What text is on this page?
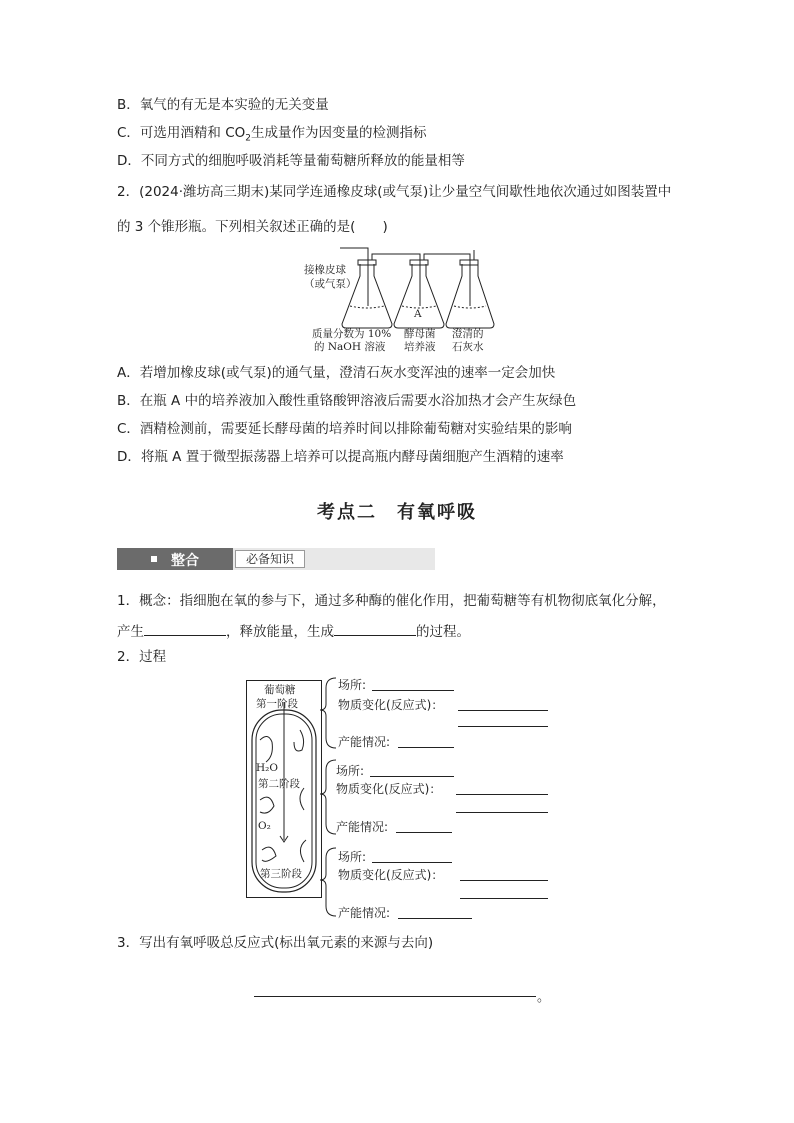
B．氧气的有无是本实验的无关变量
C．可选用酒精和 $CO_2$生成量作为因变量的检测指标
D．不同方式的细胞呼吸消耗等量葡萄糖所释放的能量相等
2．(2024·潍坊高三期末)某同学连通橡皮球(或气泵)让少量空气间歇性地依次通过如图装置中
的 3 个锥形瓶。下列相关叙述正确的是(　　)
接橡皮球
（或气泵）
A
质量分数为 10%
的 NaOH 溶液
酵母菌
培养液
澄清的
石灰水
A．若增加橡皮球(或气泵)的通气量，澄清石灰水变浑浊的速率一定会加快
B．在瓶 A 中的培养液加入酸性重铬酸钾溶液后需要水浴加热才会产生灰绿色
C．酒精检测前，需要延长酵母菌的培养时间以排除葡萄糖对实验结果的影响
D．将瓶 A 置于微型振荡器上培养可以提高瓶内酵母菌细胞产生酒精的速率
考点二　有氧呼吸
整合	必备知识
1．概念：指细胞在氧的参与下，通过多种酶的催化作用，把葡萄糖等有机物彻底氧化分解，
产生	，释放能量，生成	的过程。
2．过程
葡萄糖
第一阶段
H₂O
第二阶段
O₂
第三阶段
场所:
物质变化(反应式)：
产能情况:
场所:
物质变化(反应式)：
产能情况:
场所:
物质变化(反应式)：
产能情况:
3．写出有氧呼吸总反应式(标出氧元素的来源与去向)
。
